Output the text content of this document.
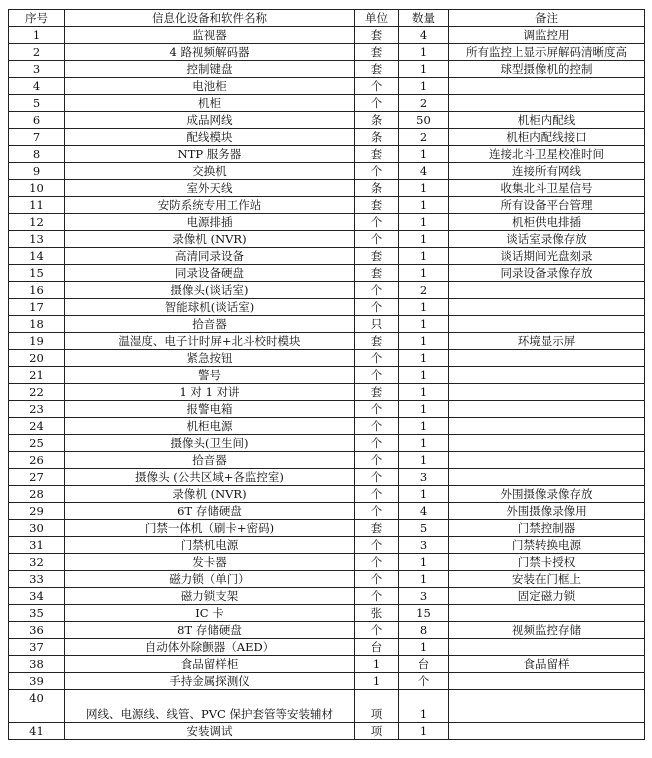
序号	信息化设备和软件名称	单位	数量	备注
1	监视器	套	4	调监控用
2	4 路视频解码器	套	1	所有监控上显示屏解码清晰度高
3	控制键盘	套	1	球型摄像机的控制
4	电池柜	个	1	
5	机柜	个	2	
6	成品网线	条	50	机柜内配线
7	配线模块	条	2	机柜内配线接口
8	NTP 服务器	套	1	连接北斗卫星校准时间
9	交换机	个	4	连接所有网线
10	室外天线	条	1	收集北斗卫星信号
11	安防系统专用工作站	套	1	所有设备平台管理
12	电源排插	个	1	机柜供电排插
13	录像机 (NVR)	个	1	谈话室录像存放
14	高清同录设备	套	1	谈话期间光盘刻录
15	同录设备硬盘	套	1	同录设备录像存放
16	摄像头(谈话室)	个	2	
17	智能球机(谈话室)	个	1	
18	拾音器	只	1	
19	温湿度、电子计时屏+北斗校时模块	套	1	环境显示屏
20	紧急按钮	个	1	
21	警号	个	1	
22	1 对 1 对讲	套	1	
23	报警电箱	个	1	
24	机柜电源	个	1	
25	摄像头(卫生间)	个	1	
26	拾音器	个	1	
27	摄像头 (公共区域+各监控室)	个	3	
28	录像机 (NVR)	个	1	外围摄像录像存放
29	6T 存储硬盘	个	4	外围摄像录像用
30	门禁一体机（刷卡+密码)	套	5	门禁控制器
31	门禁机电源	个	3	门禁转换电源
32	发卡器	个	1	门禁卡授权
33	磁力锁（单门）	个	1	安装在门框上
34	磁力锁支架	个	3	固定磁力锁
35	IC 卡	张	15	
36	8T 存储硬盘	个	8	视频监控存储
37	自动体外除颤器（AED）	台	1	
38	食品留样柜	1	台	食品留样
39	手持金属探测仪	1	个	
40	网线、电源线、线管、PVC 保护套管等安装辅材	项	1	
41	安装调试	项	1	
